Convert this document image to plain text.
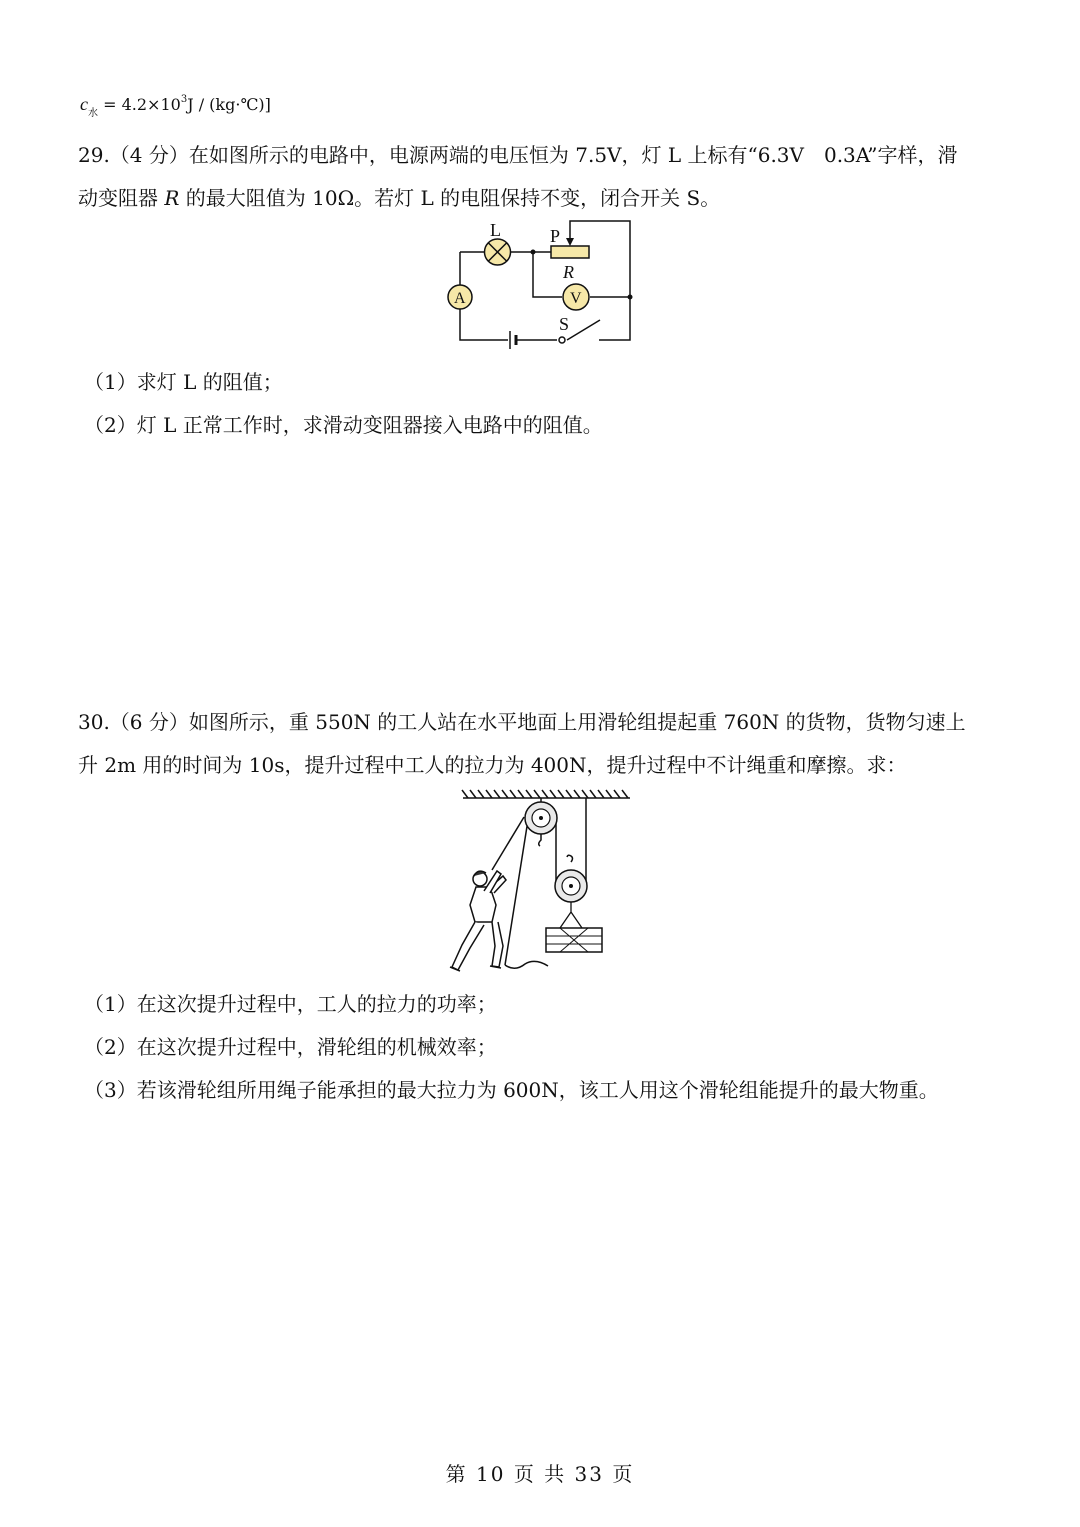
$c_水 = 4.2\times 10^3J$ / (kg·℃)]
29.（4 分）在如图所示的电路中，电源两端的电压恒为 7.5V，灯 L 上标有“6.3V　0.3A”字样，滑
动变阻器 R 的最大阻值为 10Ω。若灯 L 的电阻保持不变，闭合开关 S。
L	P
R
A	V
S
（1）求灯 L 的阻值；
（2）灯 L 正常工作时，求滑动变阻器接入电路中的阻值。
30.（6 分）如图所示，重 550N 的工人站在水平地面上用滑轮组提起重 760N 的货物，货物匀速上
升 2m 用的时间为 10s，提升过程中工人的拉力为 400N，提升过程中不计绳重和摩擦。求：
（1）在这次提升过程中，工人的拉力的功率；
（2）在这次提升过程中，滑轮组的机械效率；
（3）若该滑轮组所用绳子能承担的最大拉力为 600N，该工人用这个滑轮组能提升的最大物重。
第 10 页 共 33 页
